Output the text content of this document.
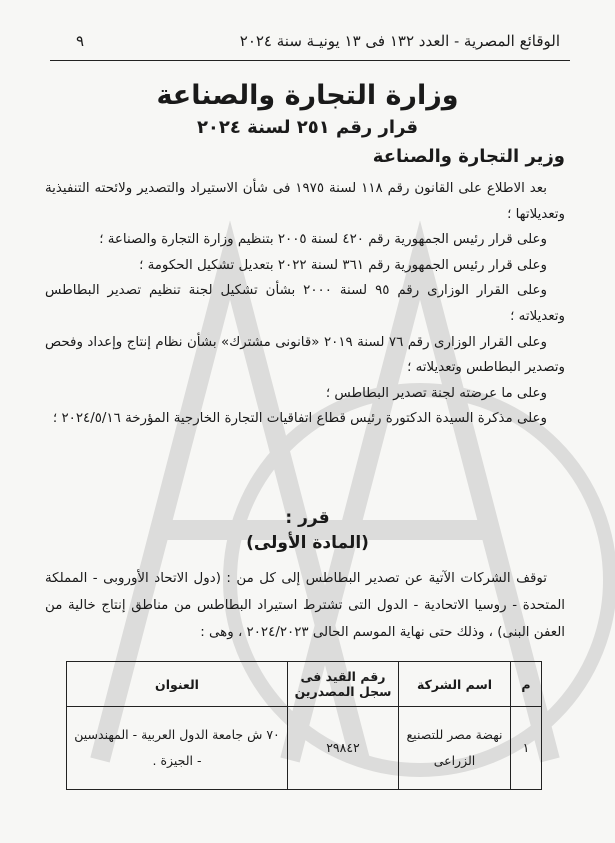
الوقائع المصرية - العدد ١٣٢ فى ١٣ يونيـة سنة ٢٠٢٤
٩
وزارة التجارة والصناعة
قرار رقم ٢٥١ لسنة ٢٠٢٤
وزير التجارة والصناعة

بعد الاطلاع على القانون رقم ١١٨ لسنة ١٩٧٥ فى شأن الاستيراد والتصدير ولائحته التنفيذية وتعديلاتها ؛

وعلى قرار رئيس الجمهورية رقم ٤٢٠ لسنة ٢٠٠٥ بتنظيم وزارة التجارة والصناعة ؛

وعلى قرار رئيس الجمهورية رقم ٣٦١ لسنة ٢٠٢٢ بتعديل تشكيل الحكومة ؛

وعلى القرار الوزارى رقم ٩٥ لسنة ٢٠٠٠ بشأن تشكيل لجنة تنظيم تصدير البطاطس وتعديلاته ؛

وعلى القرار الوزارى رقم ٧٦ لسنة ٢٠١٩ «قانونى مشترك» بشأن نظام إنتاج وإعداد وفحص وتصدير البطاطس وتعديلاته ؛

وعلى ما عرضته لجنة تصدير البطاطس ؛

وعلى مذكرة السيدة الدكتورة رئيس قطاع اتفاقيات التجارة الخارجية المؤرخة ٢٠٢٤/٥/١٦ ؛

قرر :
(المادة الأولى)

توقف الشركات الآتية عن تصدير البطاطس إلى كل من : (دول الاتحاد الأوروبى - المملكة المتحدة - روسيا الاتحادية - الدول التى تشترط استيراد البطاطس من مناطق إنتاج خالية من العفن البنى) ، وذلك حتى نهاية الموسم الحالى ٢٠٢٤/٢٠٢٣ ، وهى :

م	اسم الشركة	رقم القيد فى سجل المصدرين	العنوان
١	نهضة مصر للتصنيع الزراعى	٢٩٨٤٢	٧٠ ش جامعة الدول العربية - المهندسين - الجيزة .
